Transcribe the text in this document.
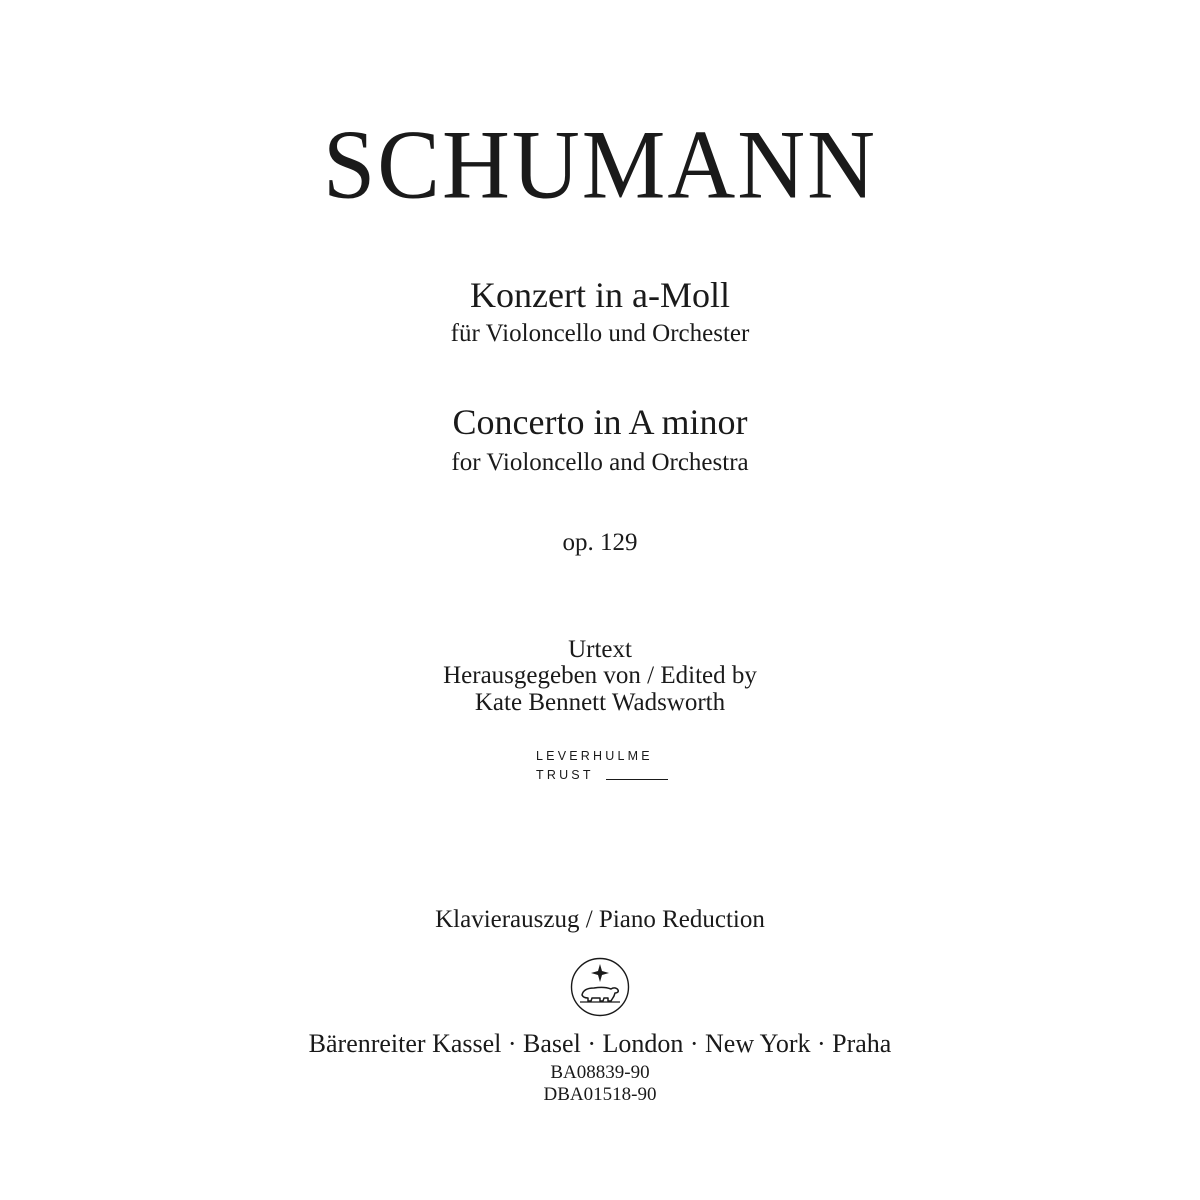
SCHUMANN
Konzert in a-Moll
für Violoncello und Orchester
Concerto in A minor
for Violoncello and Orchestra
op. 129
Urtext
Herausgegeben von / Edited by
Kate Bennett Wadsworth
LEVERHULME
TRUST
Klavierauszug / Piano Reduction
Bärenreiter Kassel · Basel · London · New York · Praha
BA08839-90
DBA01518-90
